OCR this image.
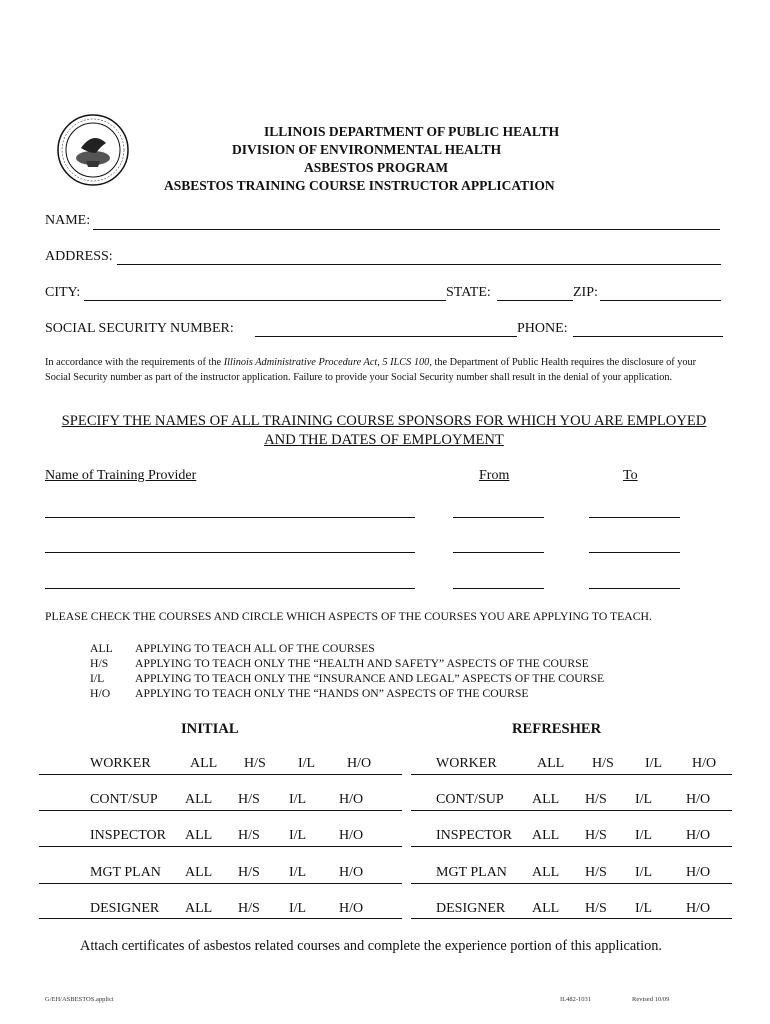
ILLINOIS DEPARTMENT OF PUBLIC HEALTH
DIVISION OF ENVIRONMENTAL HEALTH
ASBESTOS PROGRAM
ASBESTOS TRAINING COURSE INSTRUCTOR APPLICATION
NAME:
ADDRESS:
CITY:	STATE:	ZIP:
SOCIAL SECURITY NUMBER:	PHONE:
In accordance with the requirements of the Illinois Administrative Procedure Act, 5 ILCS 100, the Department of Public Health requires the disclosure of your Social Security number as part of the instructor application. Failure to provide your Social Security number shall result in the denial of your application.
SPECIFY THE NAMES OF ALL TRAINING COURSE SPONSORS FOR WHICH YOU ARE EMPLOYED
AND THE DATES OF EMPLOYMENT
Name of Training Provider	From	To
PLEASE CHECK THE COURSES AND CIRCLE WHICH ASPECTS OF THE COURSES YOU ARE APPLYING TO TEACH.
ALL APPLYING TO TEACH ALL OF THE COURSES
H/S APPLYING TO TEACH ONLY THE “HEALTH AND SAFETY” ASPECTS OF THE COURSE
I/L	APPLYING TO TEACH ONLY THE “INSURANCE AND LEGAL” ASPECTS OF THE COURSE
H/O APPLYING TO TEACH ONLY THE “HANDS ON” ASPECTS OF THE COURSE
INITIAL	REFRESHER
WORKER	ALL H/S I/L H/O	WORKER	ALL H/S I/L H/O
CONT/SUP ALL H/S I/L H/O	CONT/SUP ALL H/S I/L H/O
INSPECTOR ALL H/S I/L H/O	INSPECTOR ALL H/S I/L H/O
MGT PLAN ALL H/S I/L H/O	MGT PLAN ALL H/S I/L H/O
DESIGNER ALL H/S I/L H/O	DESIGNER ALL H/S I/L H/O
Attach certificates of asbestos related courses and complete the experience portion of this application.
G/EH/ASBESTOS.applici	IL482-1031	Revised 10/09
